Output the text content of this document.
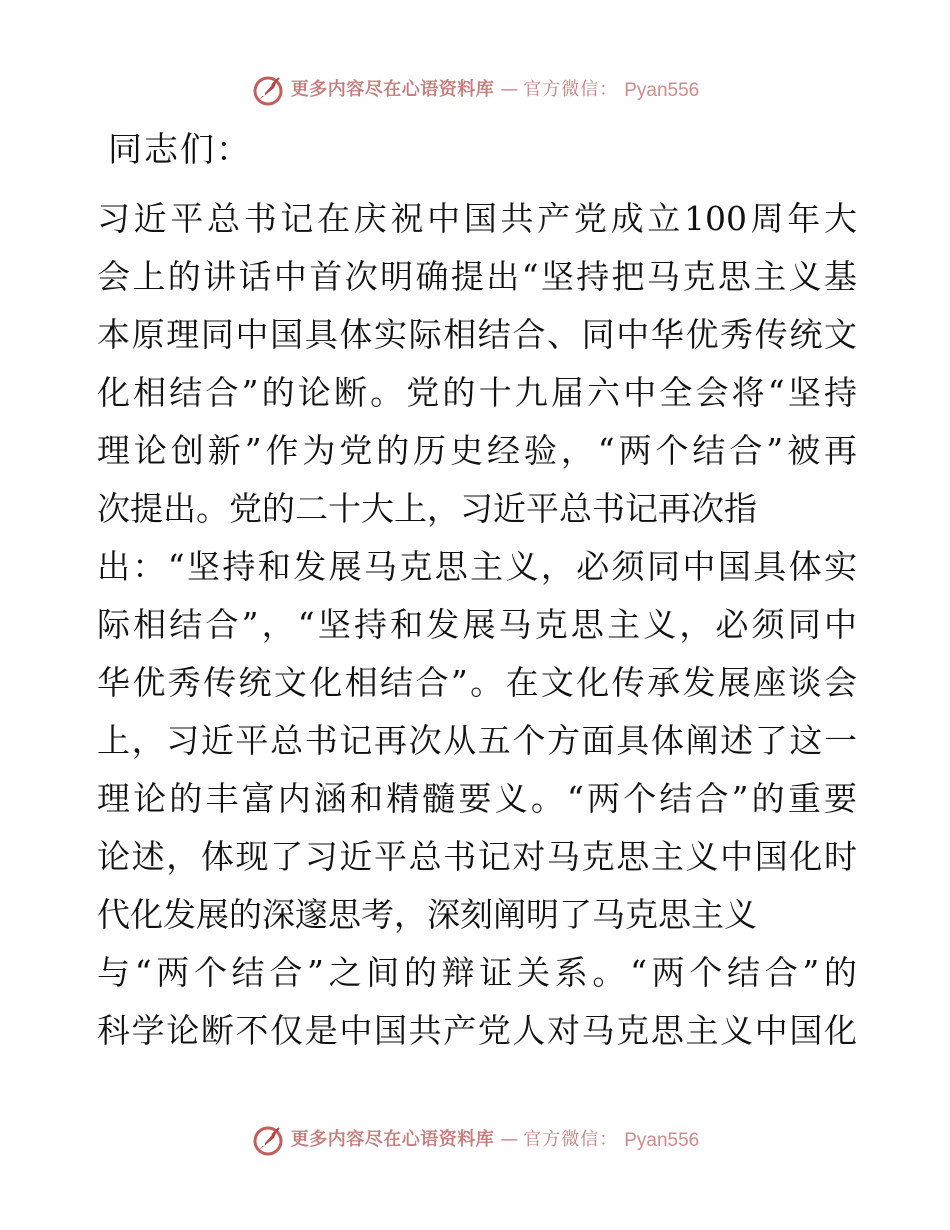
更多内容尽在心语资料库 — 官方微信： Pyan556
同志们：
习近平总书记在庆祝中国共产党成立100周年大
会上的讲话中首次明确提出“坚持把马克思主义基
本原理同中国具体实际相结合、同中华优秀传统文
化相结合”的论断。党的十九届六中全会将“坚持
理论创新”作为党的历史经验，“两个结合”被再
次提出。党的二十大上，习近平总书记再次指
出：“坚持和发展马克思主义，必须同中国具体实
际相结合”，“坚持和发展马克思主义，必须同中
华优秀传统文化相结合”。在文化传承发展座谈会
上，习近平总书记再次从五个方面具体阐述了这一
理论的丰富内涵和精髓要义。“两个结合”的重要
论述，体现了习近平总书记对马克思主义中国化时
代化发展的深邃思考，深刻阐明了马克思主义
与“两个结合”之间的辩证关系。“两个结合”的
科学论断不仅是中国共产党人对马克思主义中国化
更多内容尽在心语资料库 — 官方微信： Pyan556
